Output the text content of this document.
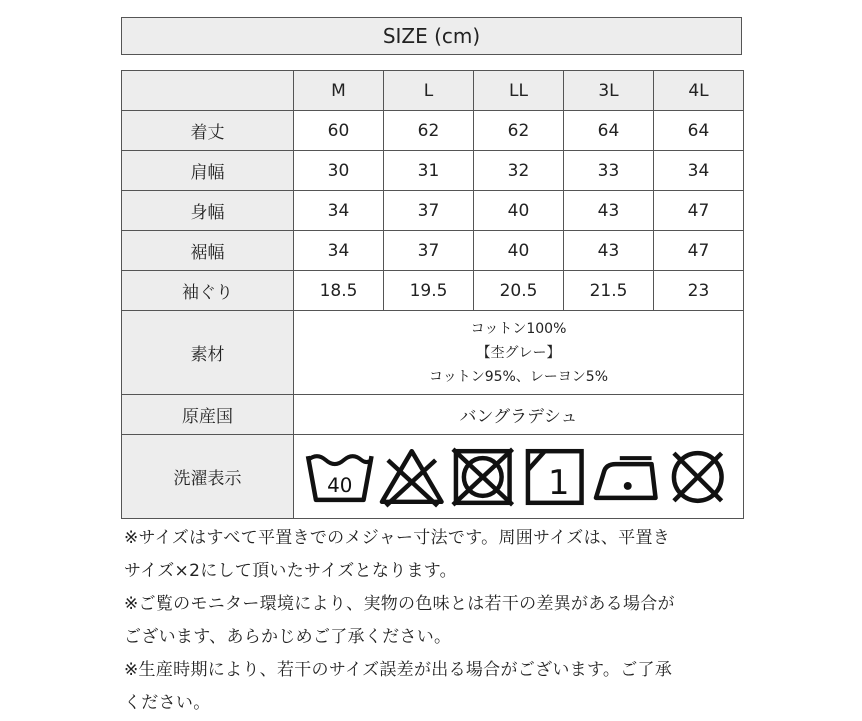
SIZE (cm)
	M	L	LL	3L	4L
着丈	60	62	62	64	64
肩幅	30	31	32	33	34
身幅	34	37	40	43	47
裾幅	34	37	40	43	47
袖ぐり	18.5	19.5	20.5	21.5	23
素材	コットン100%
【杢グレー】
コットン95%、レーヨン5%				

原産国	バングラデシュ				
洗濯表示	40 1				

※サイズはすべて平置きでのメジャー寸法です。周囲サイズは、平置き

サイズ×2にして頂いたサイズとなります。

※ご覧のモニター環境により、実物の色味とは若干の差異がある場合が

ございます、あらかじめご了承ください。

※生産時期により、若干のサイズ誤差が出る場合がございます。ご了承

ください。
